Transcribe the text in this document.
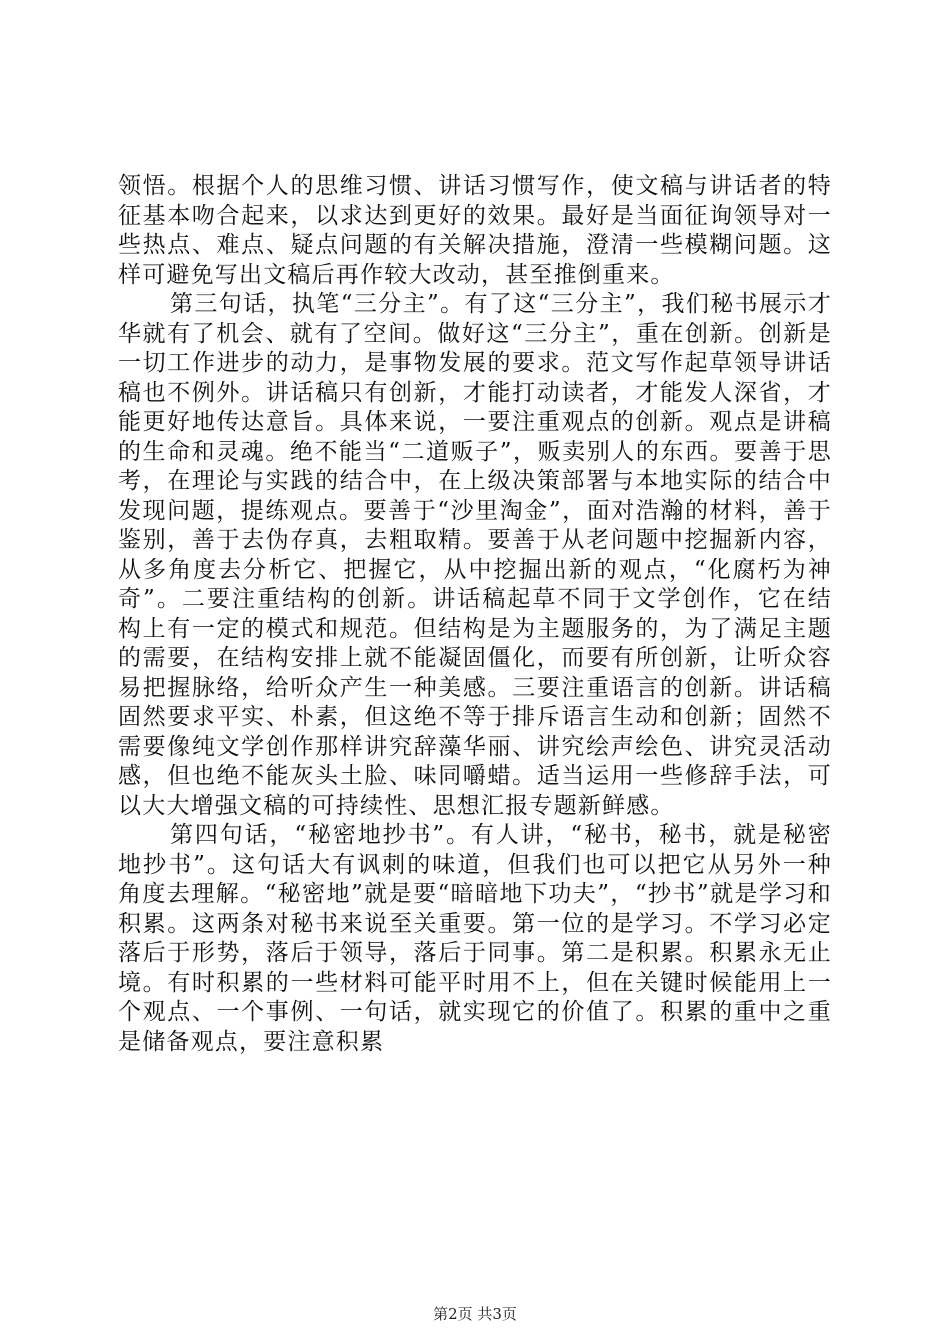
领悟。根据个人的思维习惯、讲话习惯写作，使文稿与讲话者的特征基本吻合起来，以求达到更好的效果。最好是当面征询领导对一些热点、难点、疑点问题的有关解决措施，澄清一些模糊问题。这样可避免写出文稿后再作较大改动，甚至推倒重来。

第三句话，执笔“三分主”。有了这“三分主”，我们秘书展示才华就有了机会、就有了空间。做好这“三分主”，重在创新。创新是一切工作进步的动力，是事物发展的要求。范文写作起草领导讲话稿也不例外。讲话稿只有创新，才能打动读者，才能发人深省，才能更好地传达意旨。具体来说，一要注重观点的创新。观点是讲稿的生命和灵魂。绝不能当“二道贩子”，贩卖别人的东西。要善于思考，在理论与实践的结合中，在上级决策部署与本地实际的结合中发现问题，提练观点。要善于“沙里淘金”，面对浩瀚的材料，善于鉴别，善于去伪存真，去粗取精。要善于从老问题中挖掘新内容，从多角度去分析它、把握它，从中挖掘出新的观点，“化腐朽为神奇”。二要注重结构的创新。讲话稿起草不同于文学创作，它在结构上有一定的模式和规范。但结构是为主题服务的，为了满足主题的需要，在结构安排上就不能凝固僵化，而要有所创新，让听众容易把握脉络，给听众产生一种美感。三要注重语言的创新。讲话稿固然要求平实、朴素，但这绝不等于排斥语言生动和创新；固然不需要像纯文学创作那样讲究辞藻华丽、讲究绘声绘色、讲究灵活动感，但也绝不能灰头土脸、味同嚼蜡。适当运用一些修辞手法，可以大大增强文稿的可持续性、思想汇报专题新鲜感。

第四句话，“秘密地抄书”。有人讲，“秘书，秘书，就是秘密地抄书”。这句话大有讽刺的味道，但我们也可以把它从另外一种角度去理解。“秘密地”就是要“暗暗地下功夫”，“抄书”就是学习和积累。这两条对秘书来说至关重要。第一位的是学习。不学习必定落后于形势，落后于领导，落后于同事。第二是积累。积累永无止境。有时积累的一些材料可能平时用不上，但在关键时候能用上一个观点、一个事例、一句话，就实现它的价值了。积累的重中之重是储备观点，要注意积累

第2页 共3页
